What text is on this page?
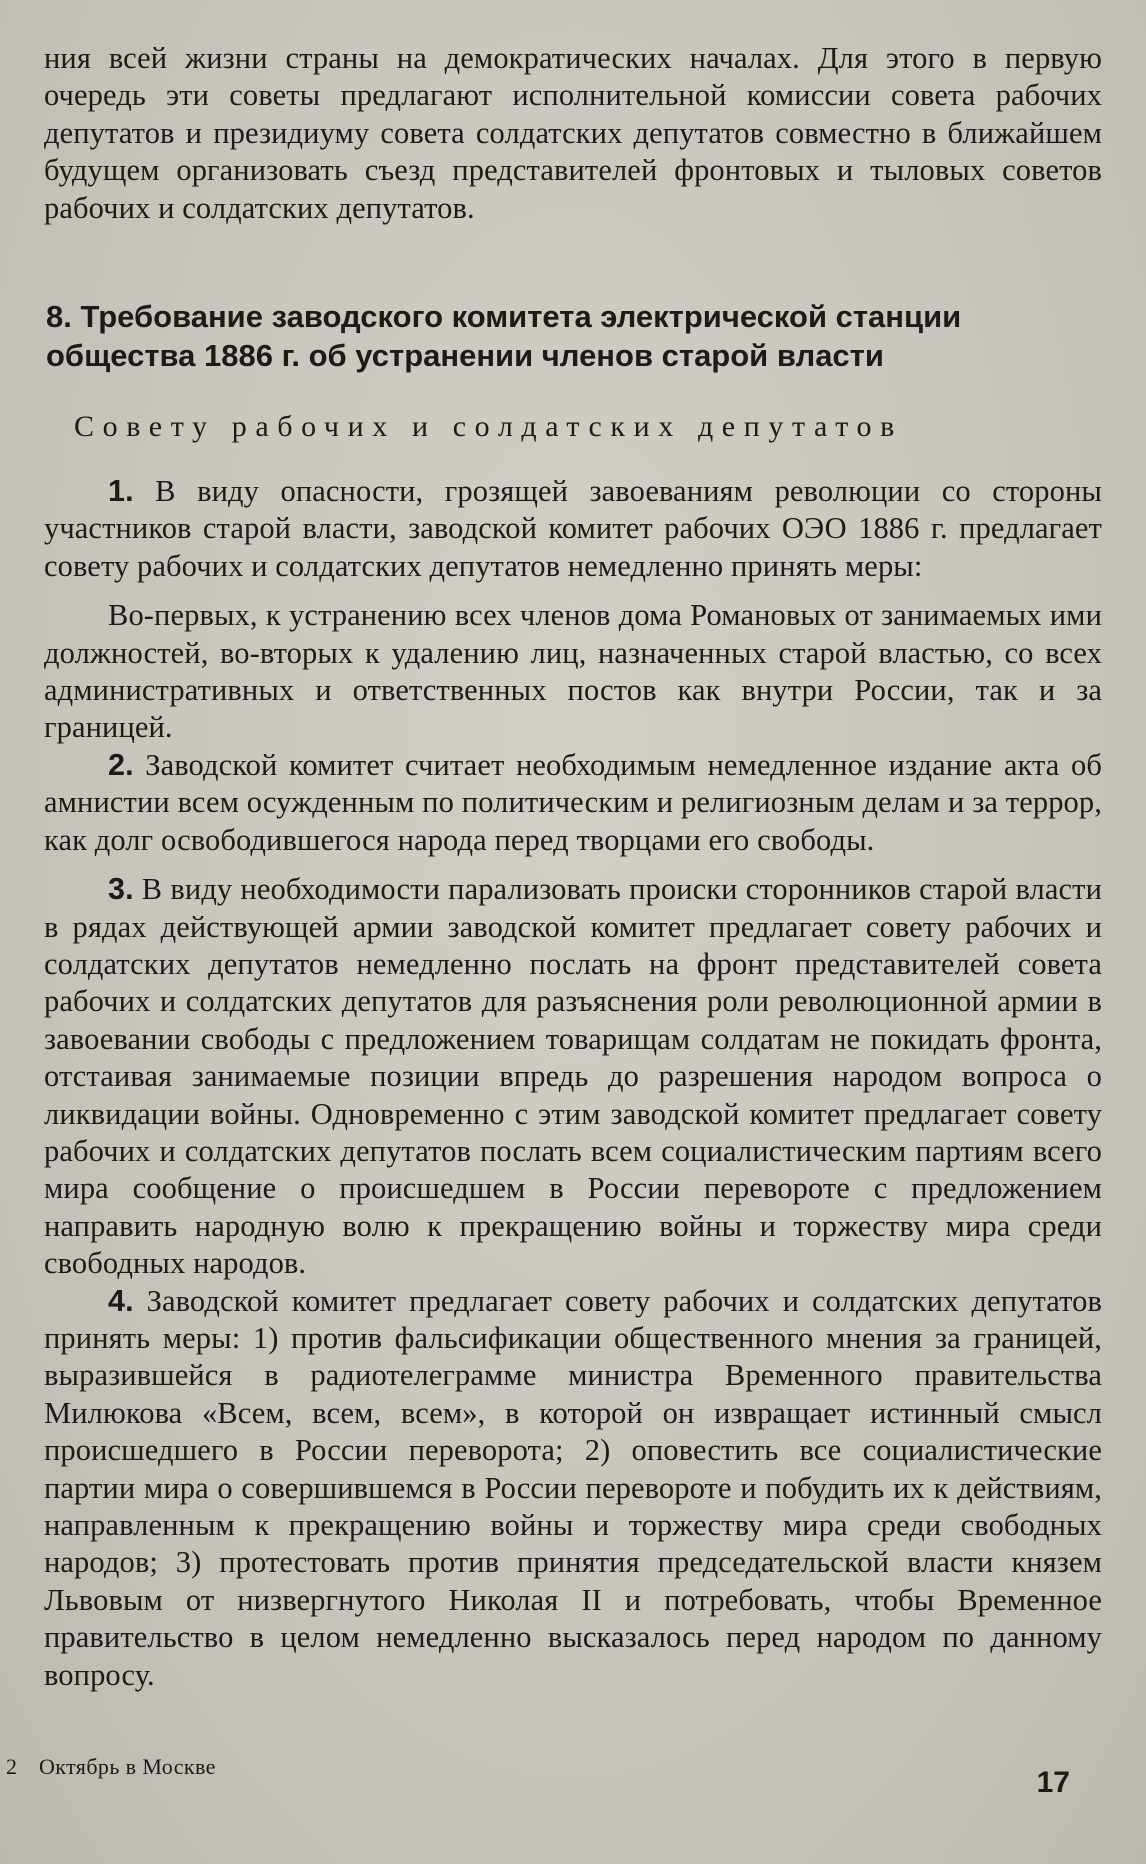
ния всей жизни страны на демократических началах. Для этого в первую очередь эти советы предлагают исполнительной комиссии совета рабочих депутатов и президиуму совета солдатских депутатов совместно в ближайшем будущем организовать съезд представителей фронтовых и тыловых советов рабочих и солдатских депутатов.

8. Требование заводского комитета электрической станции общества 1886 г. об устранении членов старой власти
Совету рабочих и солдатских депутатов

1. В виду опасности, грозящей завоеваниям революции со стороны участников старой власти, заводской комитет рабочих ОЭО 1886 г. предлагает совету рабочих и солдатских депутатов немедленно принять меры:

Во-первых, к устранению всех членов дома Романовых от занимаемых ими должностей, во-вторых к удалению лиц, назначенных старой властью, со всех административных и ответственных постов как внутри России, так и за границей.

2. Заводской комитет считает необходимым немедленное издание акта об амнистии всем осужденным по политическим и религиозным делам и за террор, как долг освободившегося народа перед творцами его свободы.

3. В виду необходимости парализовать происки сторонников старой власти в рядах действующей армии заводской комитет предлагает совету рабочих и солдатских депутатов немедленно послать на фронт представителей совета рабочих и солдатских депутатов для разъяснения роли революционной армии в завоевании свободы с предложением товарищам солдатам не покидать фронта, отстаивая занимаемые позиции впредь до разрешения народом вопроса о ликвидации войны. Одновременно с этим заводской комитет предлагает совету рабочих и солдатских депутатов послать всем социалистическим партиям всего мира сообщение о происшедшем в России перевороте с предложением направить народную волю к прекращению войны и торжеству мира среди свободных народов.

4. Заводской комитет предлагает совету рабочих и солдатских депутатов принять меры: 1) против фальсификации общественного мнения за границей, выразившейся в радиотелеграмме министра Временного правительства Милюкова «Всем, всем, всем», в которой он извращает истинный смысл происшедшего в России переворота; 2) оповестить все социалистические партии мира о совершившемся в России перевороте и побудить их к действиям, направленным к прекращению войны и торжеству мира среди свободных народов; 3) протестовать против принятия председательской власти князем Львовым от низвергнутого Николая II и потребовать, чтобы Временное правительство в целом немедленно высказалось перед народом по данному вопросу.

2 Октябрь в Москве	17
